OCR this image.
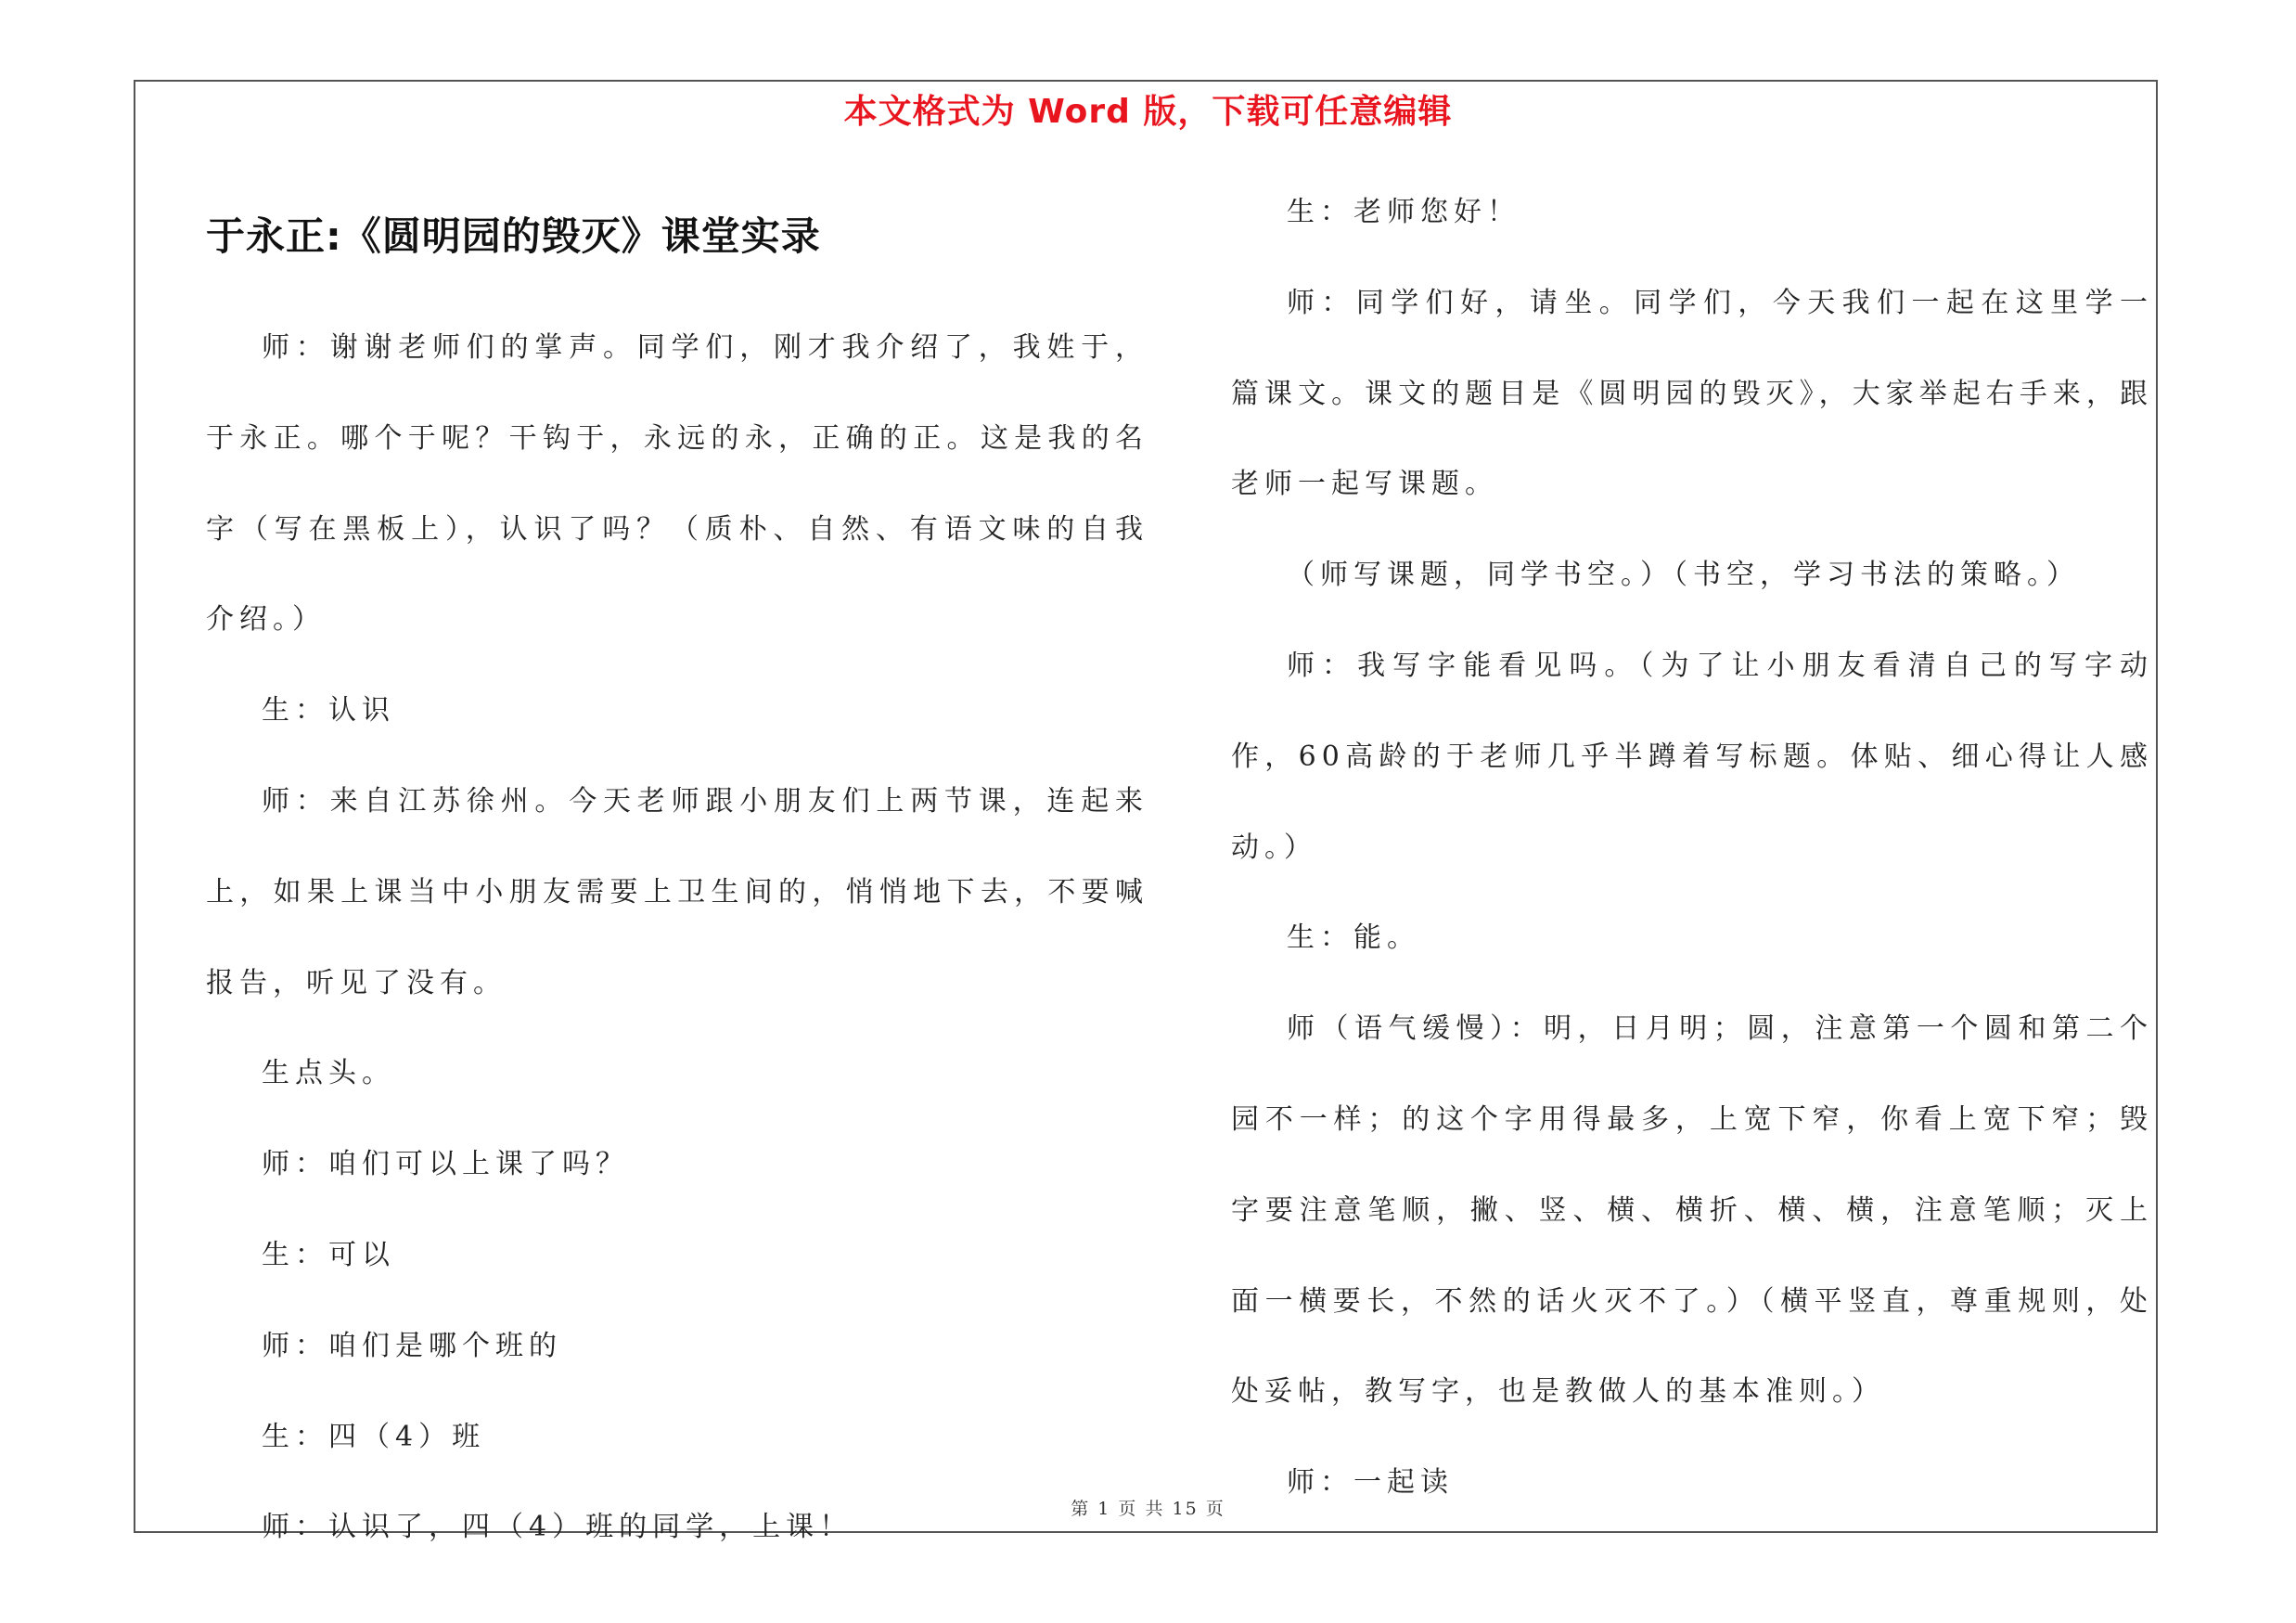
本文格式为 Word 版，下载可任意编辑
于永正:《圆明园的毁灭》课堂实录

师：谢谢老师们的掌声。同学们，刚才我介绍了，我姓于，于永正。哪个于呢？干钩于，永远的永，正确的正。这是我的名字（写在黑板上），认识了吗？（质朴、自然、有语文味的自我介绍。）

生：认识

师：来自江苏徐州。今天老师跟小朋友们上两节课，连起来上，如果上课当中小朋友需要上卫生间的，悄悄地下去，不要喊报告，听见了没有。

生点头。

师：咱们可以上课了吗？

生：可以

师：咱们是哪个班的

生：四（4）班

师：认识了，四（4）班的同学，上课！

生：老师您好！

师：同学们好，请坐。同学们，今天我们一起在这里学一篇课文。课文的题目是《圆明园的毁灭》，大家举起右手来，跟老师一起写课题。

（师写课题，同学书空。）（书空，学习书法的策略。）

师：我写字能看见吗。（为了让小朋友看清自己的写字动作，60高龄的于老师几乎半蹲着写标题。体贴、细心得让人感动。）

生：能。

师（语气缓慢）：明，日月明；圆，注意第一个圆和第二个园不一样；的这个字用得最多，上宽下窄，你看上宽下窄；毁字要注意笔顺，撇、竖、横、横折、横、横，注意笔顺；灭上面一横要长，不然的话火灭不了。）（横平竖直，尊重规则，处处妥帖，教写字，也是教做人的基本准则。）

师：一起读

第 1 页 共 15 页
